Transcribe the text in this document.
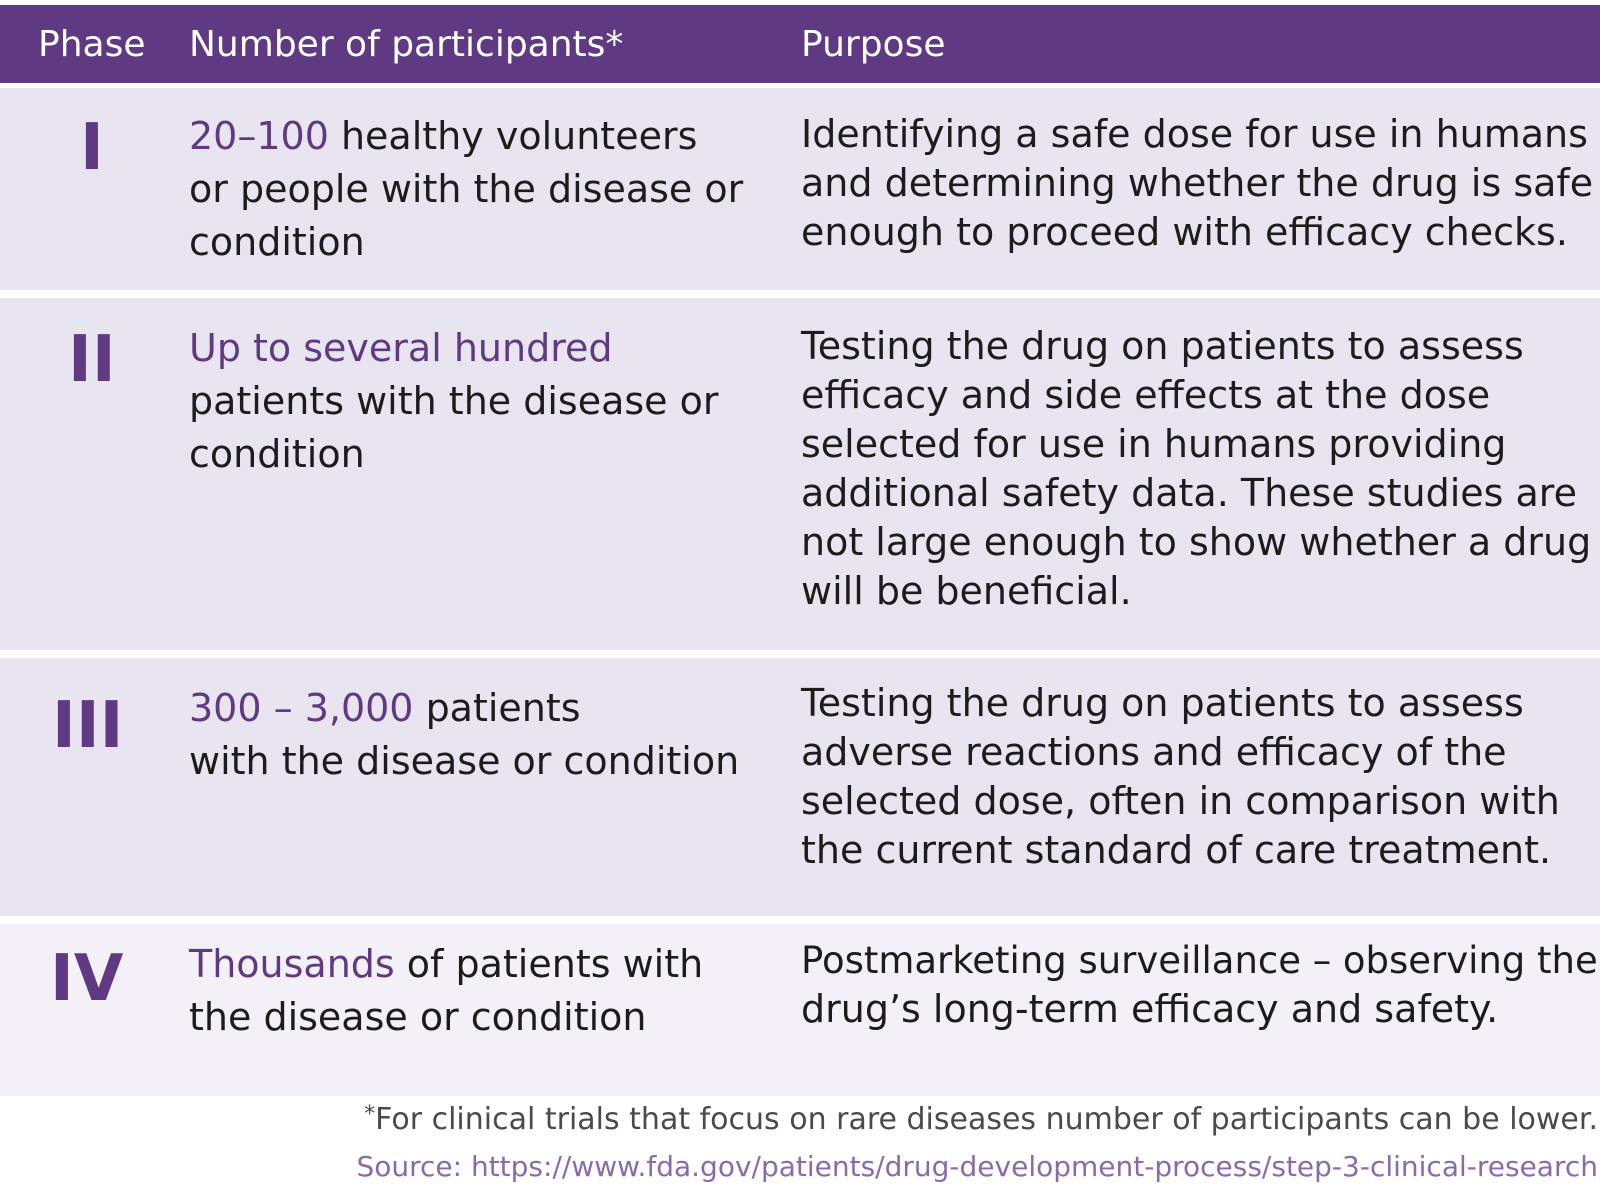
Phase Number of participants*	Purpose
I 20–100 healthy volunteers
or people with the disease or
condition
Identifying a safe dose for use in humans
and determining whether the drug is safe
enough to proceed with efficacy checks.
II Up to several hundred
patients with the disease or
condition
Testing the drug on patients to assess
efficacy and side effects at the dose
selected for use in humans providing
additional safety data. These studies are
not large enough to show whether a drug
will be beneficial.
III 300 – 3,000 patients
with the disease or condition
Testing the drug on patients to assess
adverse reactions and efficacy of the
selected dose, often in comparison with
the current standard of care treatment.
IV Thousands of patients with
the disease or condition
Postmarketing surveillance – observing the
drug’s long-term efficacy and safety.
*For clinical trials that focus on rare diseases number of participants can be lower.
Source: https://www.fda.gov/patients/drug-development-process/step-3-clinical-research
